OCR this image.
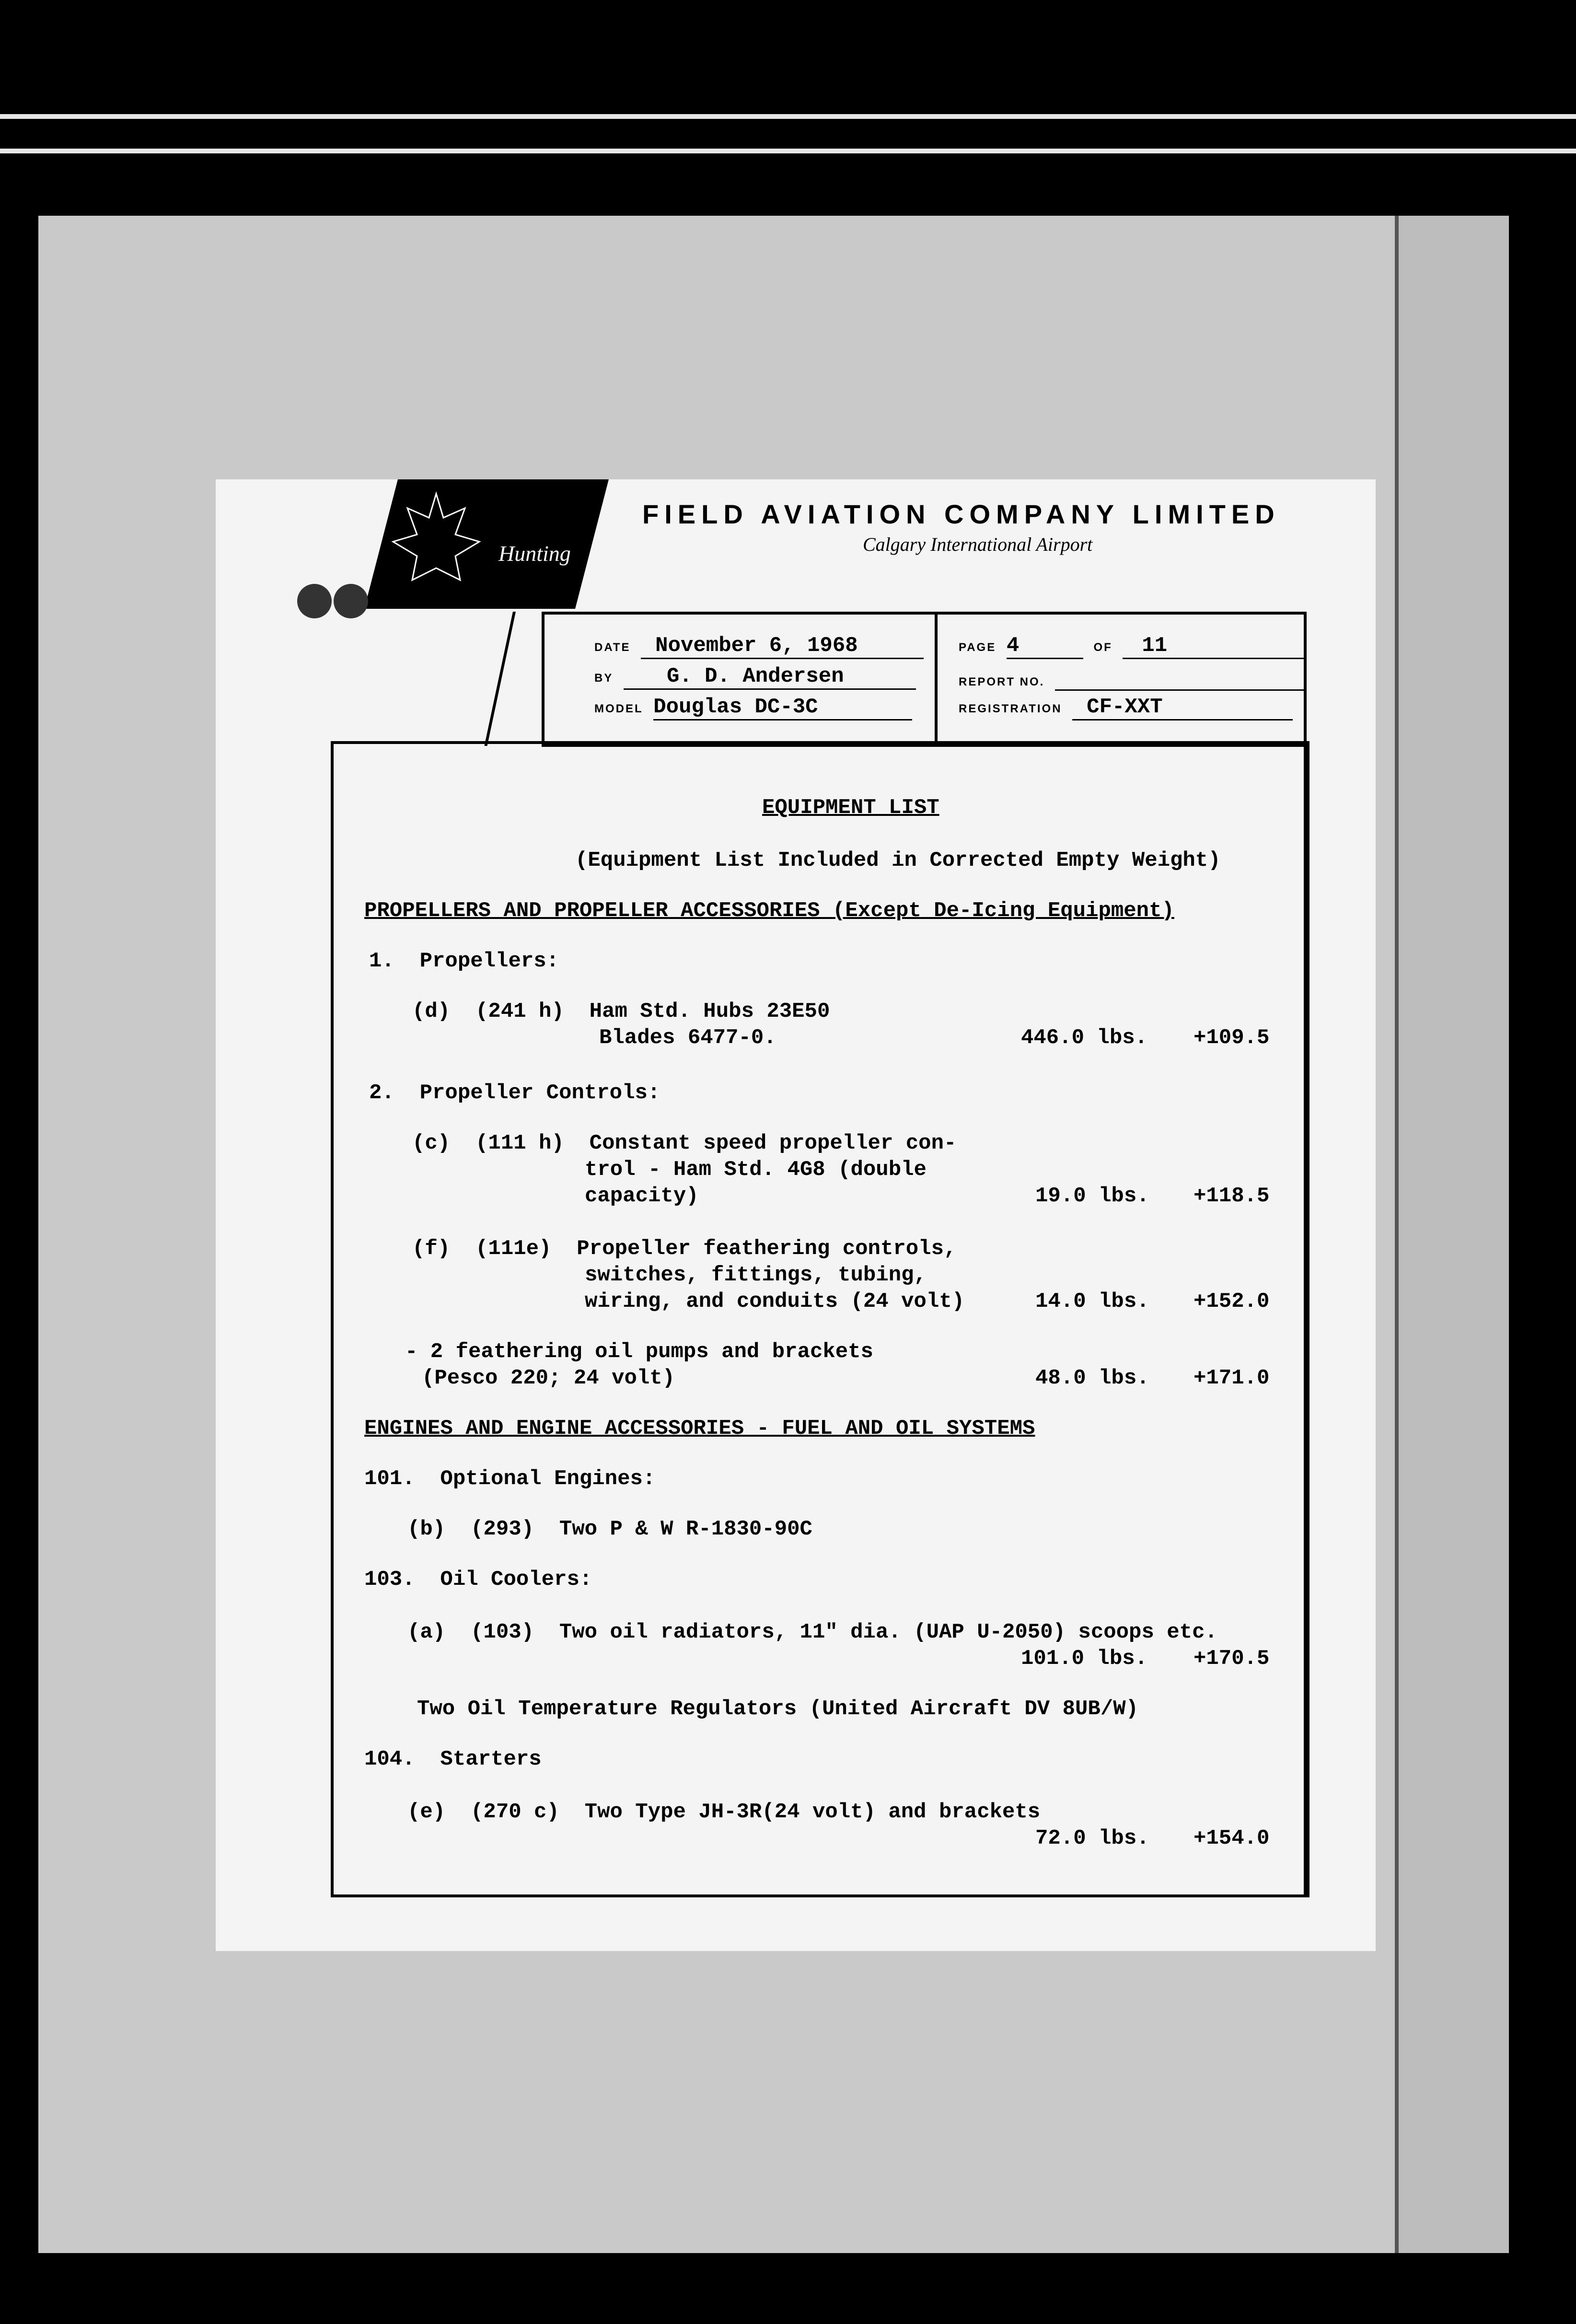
Hunting
FIELD AVIATION COMPANY LIMITED
Calgary International Airport
DATE November 6, 1968
BY	G. D. Andersen
MODEL Douglas DC-3C
PAGE 4	OF 11
REPORT NO.
REGISTRATION CF-XXT
EQUIPMENT LIST
(Equipment List Included in Corrected Empty Weight)
PROPELLERS AND PROPELLER ACCESSORIES (Except De-Icing Equipment)
1.  Propellers:
(d)  (241 h)  Ham Std. Hubs 23E50
Blades 6477-0.	446.0 lbs. +109.5
2.  Propeller Controls:
(c)  (111 h)  Constant speed propeller con-
trol - Ham Std. 4G8 (double
capacity)	19.0 lbs. +118.5
(f)  (111e)  Propeller feathering controls,
switches, fittings, tubing,
wiring, and conduits (24 volt)	14.0 lbs. +152.0
- 2 feathering oil pumps and brackets
(Pesco 220; 24 volt)	48.0 lbs. +171.0
ENGINES AND ENGINE ACCESSORIES - FUEL AND OIL SYSTEMS
101.  Optional Engines:
(b)  (293)  Two P & W R-1830-90C
103.  Oil Coolers:
(a)  (103)  Two oil radiators, 11" dia. (UAP U-2050) scoops etc.
101.0 lbs. +170.5
Two Oil Temperature Regulators (United Aircraft DV 8UB/W)
104.  Starters
(e)  (270 c)  Two Type JH-3R(24 volt) and brackets
72.0 lbs. +154.0
